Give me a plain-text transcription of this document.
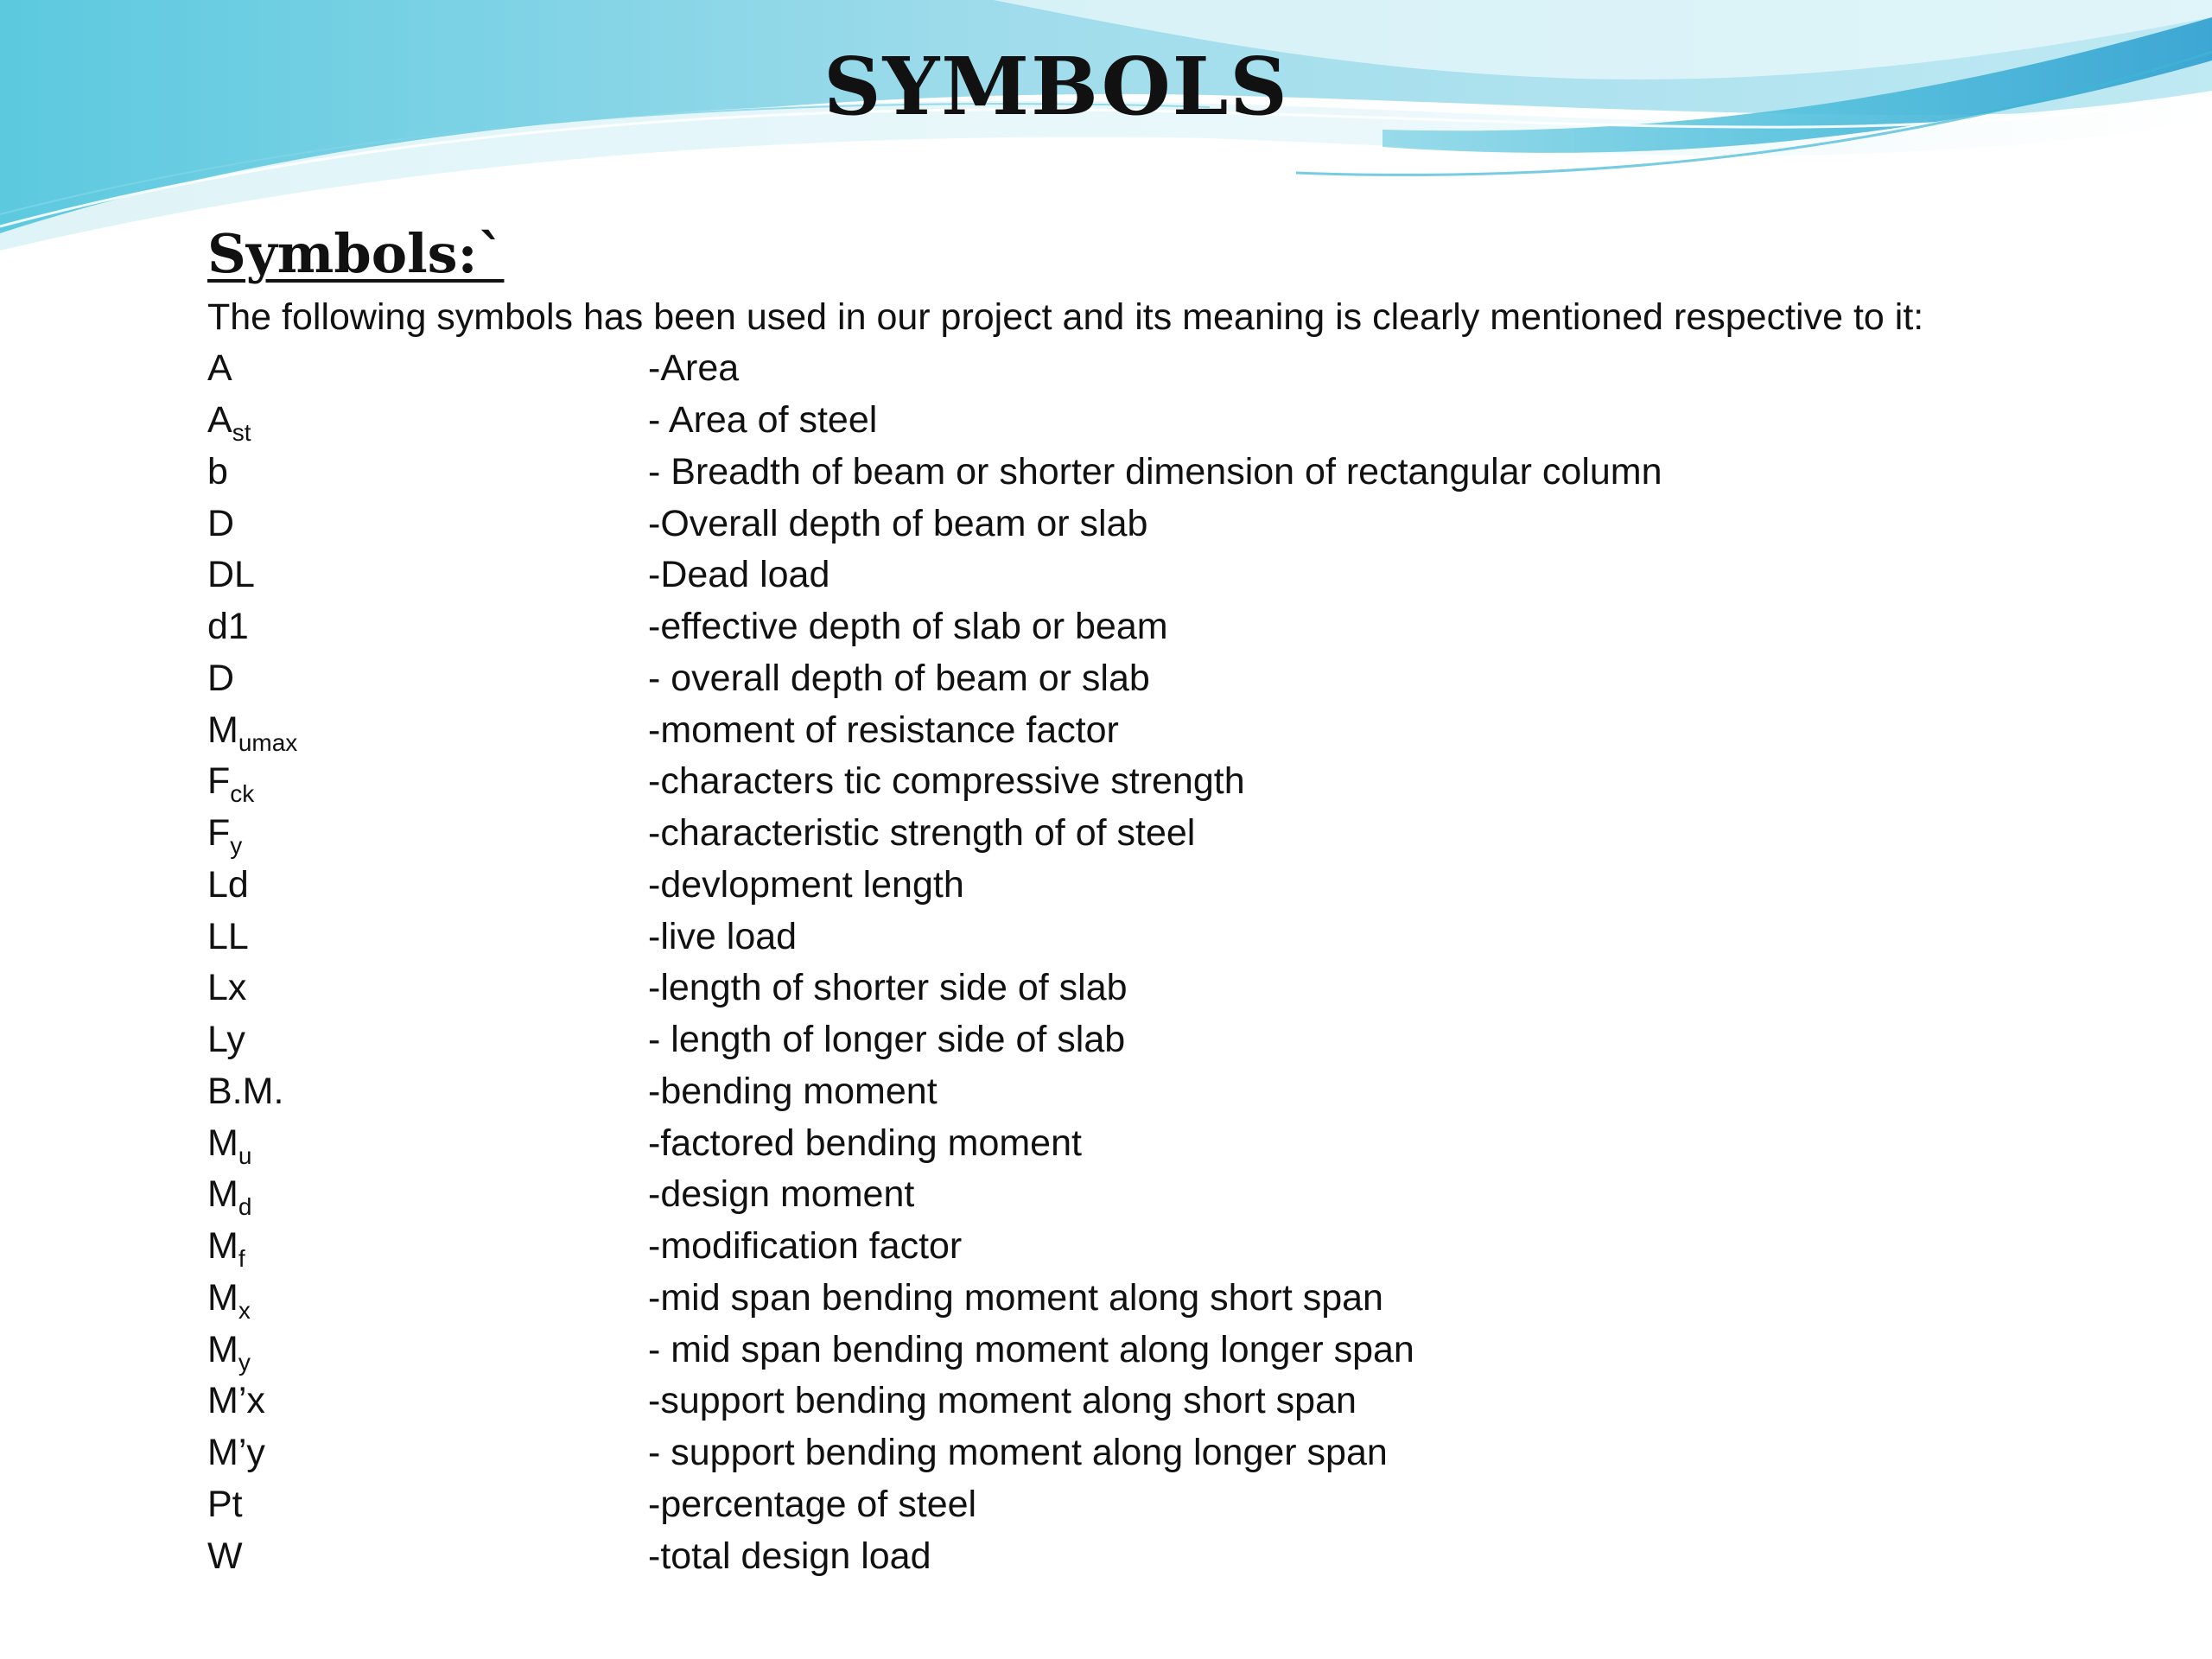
SYMBOLS
Symbols:`

The following symbols has been used in our project and its meaning is clearly mentioned respective to it:

A	-Area
$A_{st}$	- Area of steel
b	- Breadth of beam or shorter dimension of rectangular column
D	-Overall depth of beam or slab
DL	-Dead load
d1	-effective depth of slab or beam
D	- overall depth of beam or slab
$M_{umax}$	-moment of resistance factor
$F_{ck}$	-characters tic compressive strength
$F_y$	-characteristic strength of of steel
Ld	-devlopment length
LL	-live load
Lx	-length of shorter side of slab
Ly	- length of longer side of slab
B.M.	-bending moment
$M_u$	-factored bending moment
$M_d$	-design moment
$M_f$	-modification factor
$M_x$	-mid span bending moment along short span
$M_y$	- mid span bending moment along longer span
M’x	-support bending moment along short span
M’y	- support bending moment along longer span
Pt	-percentage of steel
W	-total design load
